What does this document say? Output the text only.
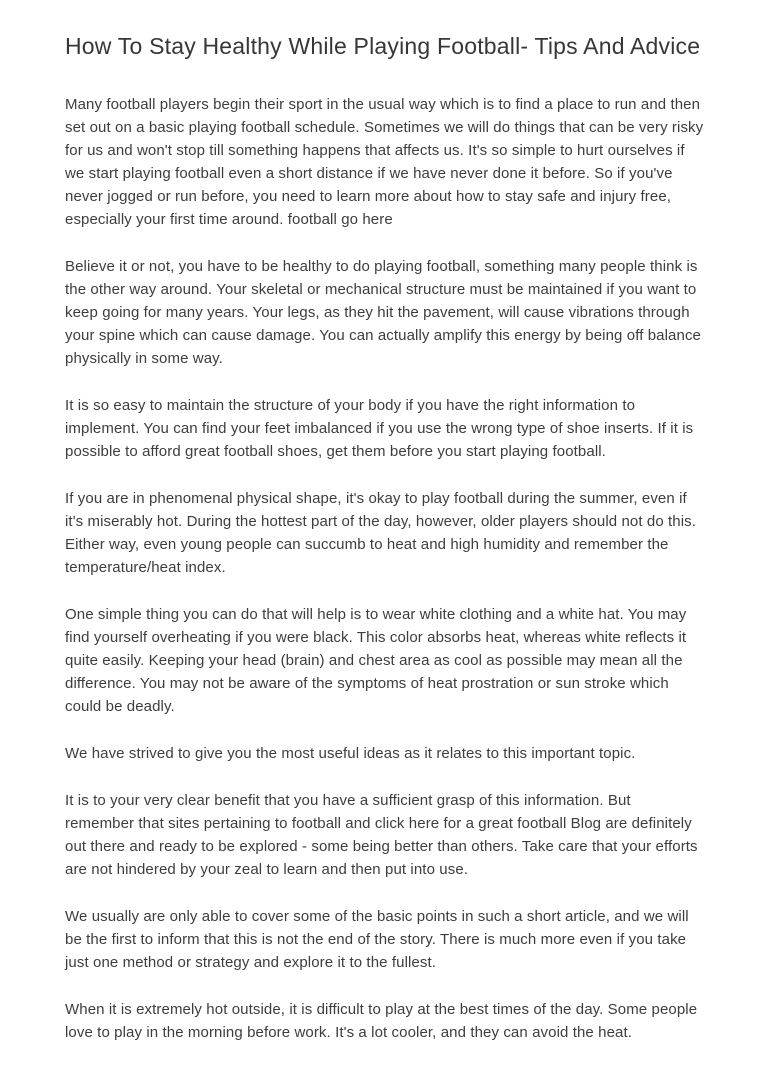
How To Stay Healthy While Playing Football- Tips And Advice

Many football players begin their sport in the usual way which is to find a place to run and then set out on a basic playing football schedule. Sometimes we will do things that can be very risky for us and won't stop till something happens that affects us. It's so simple to hurt ourselves if we start playing football even a short distance if we have never done it before. So if you've never jogged or run before, you need to learn more about how to stay safe and injury free, especially your first time around. football go here

Believe it or not, you have to be healthy to do playing football, something many people think is the other way around. Your skeletal or mechanical structure must be maintained if you want to keep going for many years. Your legs, as they hit the pavement, will cause vibrations through your spine which can cause damage. You can actually amplify this energy by being off balance physically in some way.

It is so easy to maintain the structure of your body if you have the right information to implement. You can find your feet imbalanced if you use the wrong type of shoe inserts. If it is possible to afford great football shoes, get them before you start playing football.

If you are in phenomenal physical shape, it's okay to play football during the summer, even if it's miserably hot. During the hottest part of the day, however, older players should not do this. Either way, even young people can succumb to heat and high humidity and remember the temperature/heat index.

One simple thing you can do that will help is to wear white clothing and a white hat. You may find yourself overheating if you were black. This color absorbs heat, whereas white reflects it quite easily. Keeping your head (brain) and chest area as cool as possible may mean all the difference. You may not be aware of the symptoms of heat prostration or sun stroke which could be deadly.

We have strived to give you the most useful ideas as it relates to this important topic.

It is to your very clear benefit that you have a sufficient grasp of this information. But remember that sites pertaining to football and click here for a great football Blog are definitely out there and ready to be explored - some being better than others. Take care that your efforts are not hindered by your zeal to learn and then put into use.

We usually are only able to cover some of the basic points in such a short article, and we will be the first to inform that this is not the end of the story. There is much more even if you take just one method or strategy and explore it to the fullest.

When it is extremely hot outside, it is difficult to play at the best times of the day. Some people love to play in the morning before work. It's a lot cooler, and they can avoid the heat.
